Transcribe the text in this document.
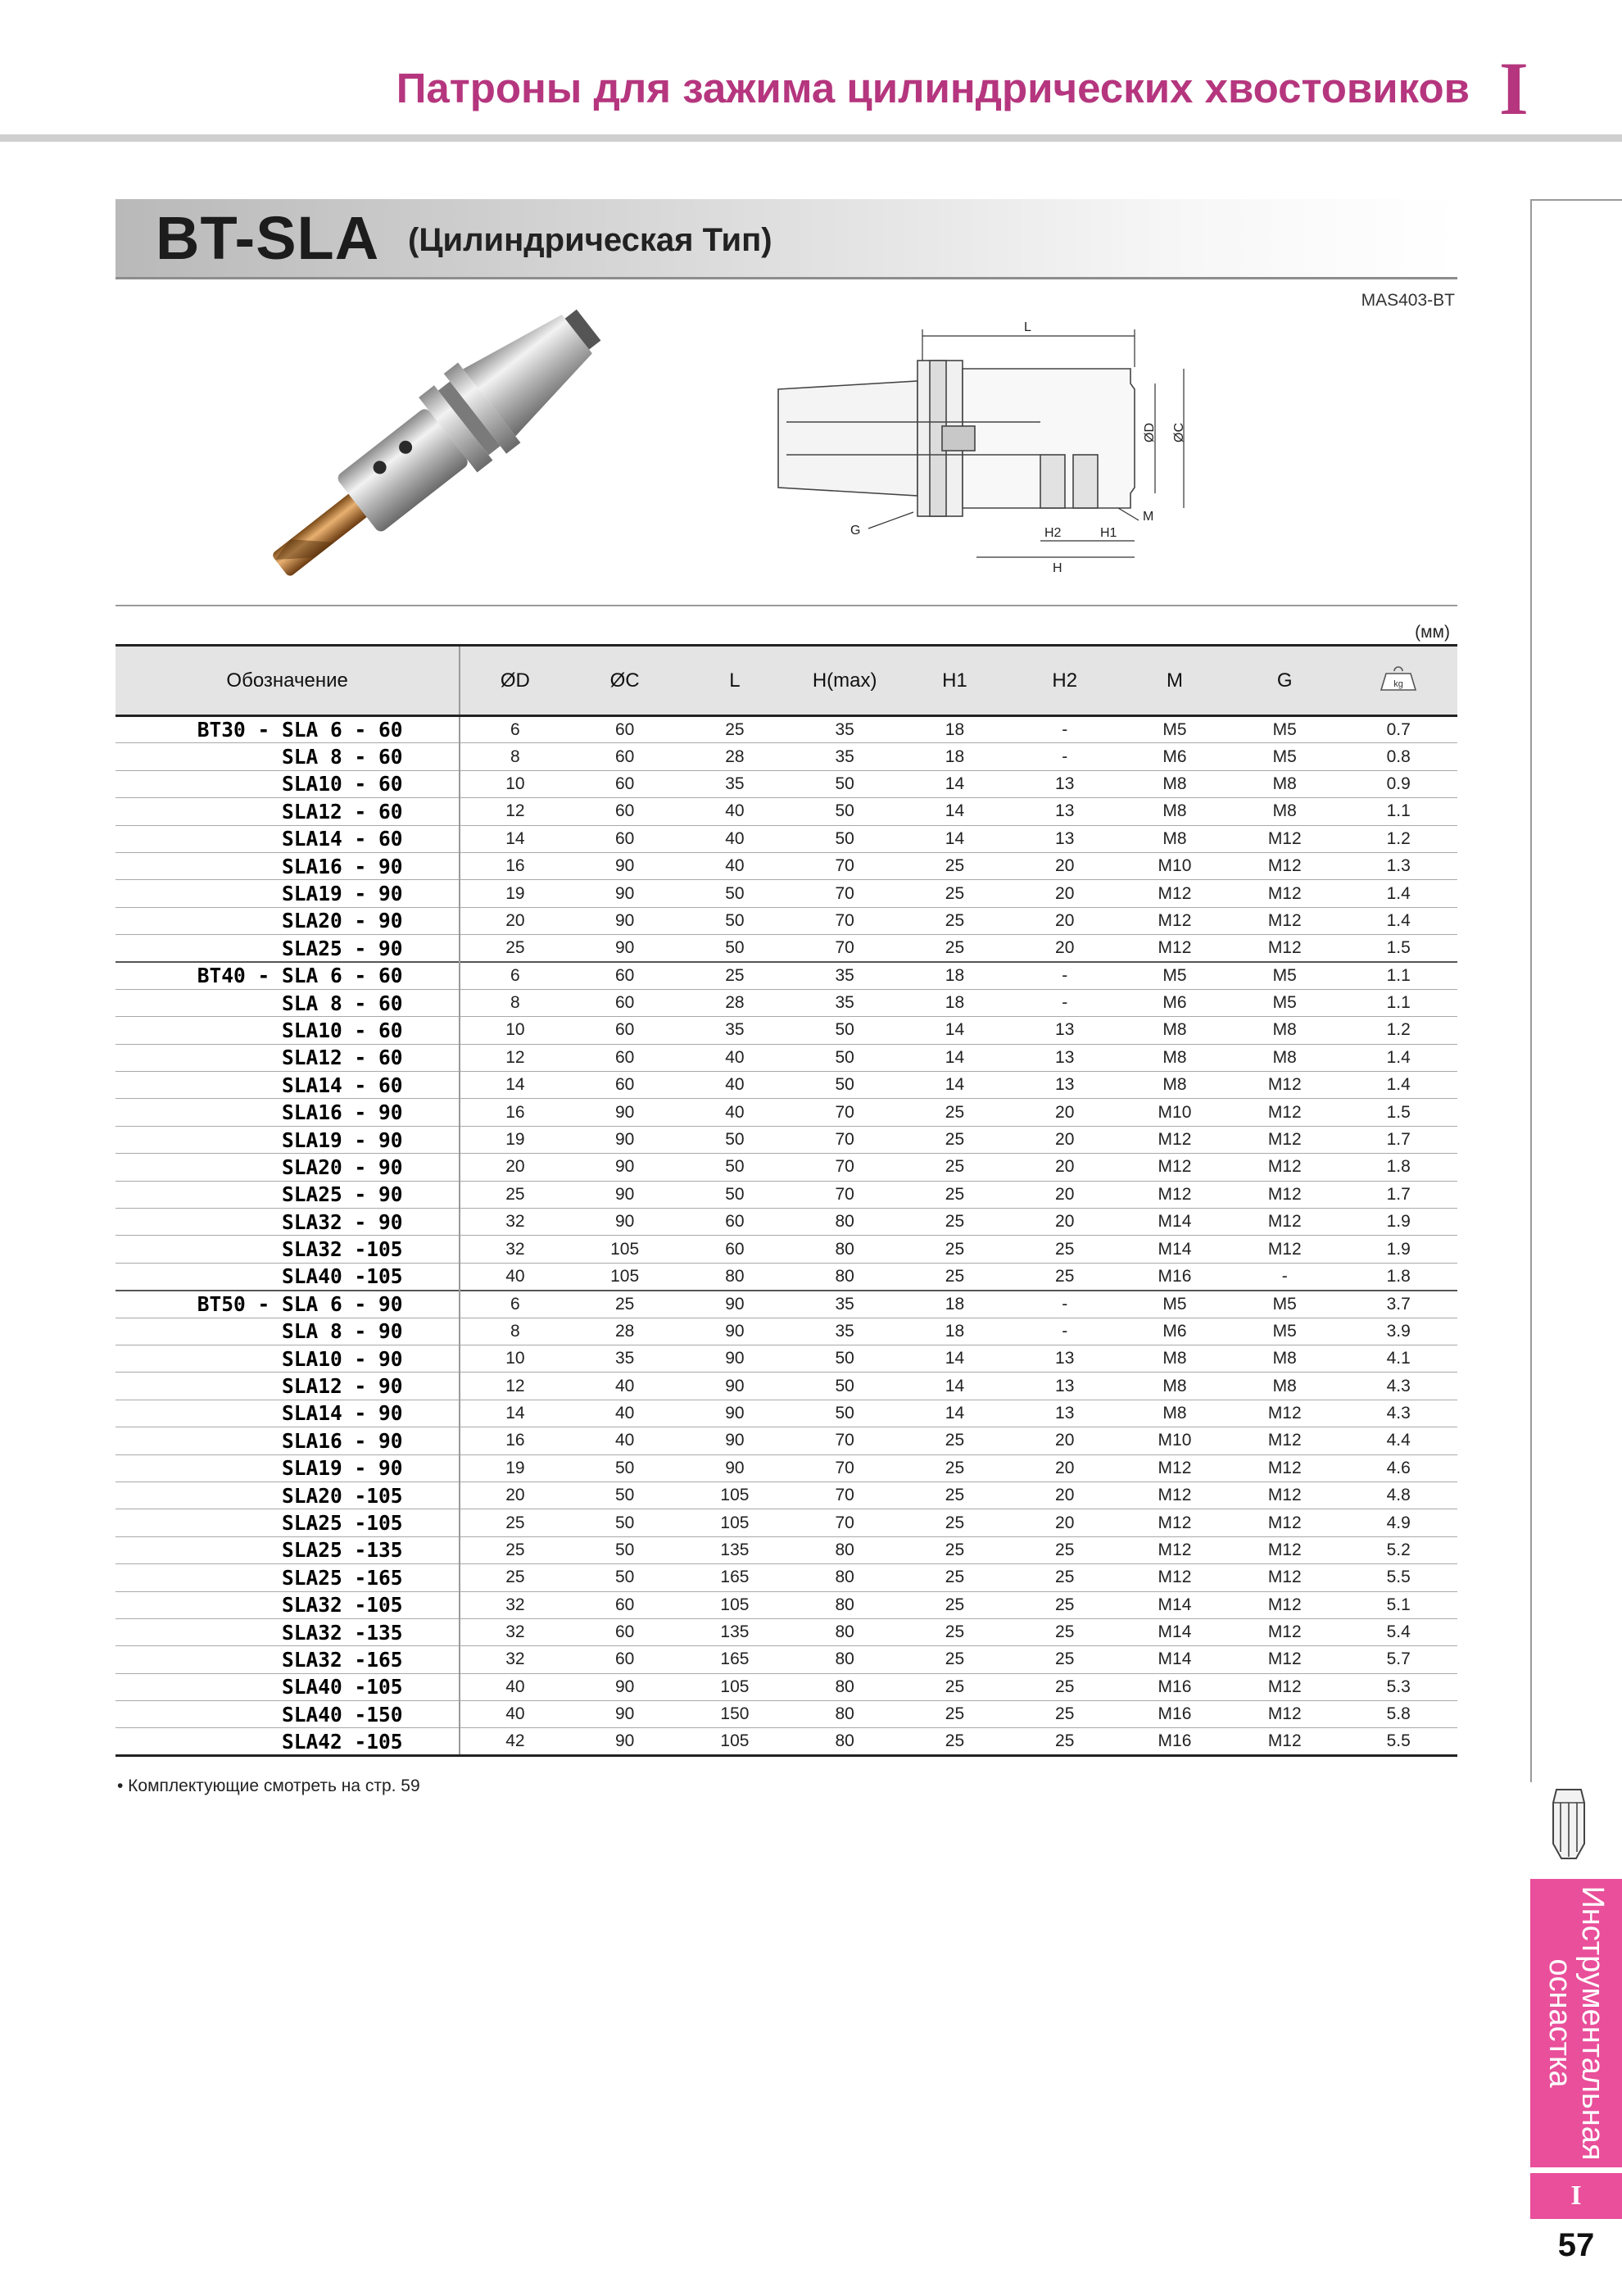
Патроны для зажима цилиндрических хвостовиков I
BT-SLA (Цилиндрическая Тип)
MAS403-BT
L
ØD ØC
M
G	H2	H1
H
(мм)
Обозначение	ØD	ØC	L	H(max)	H1	H2	M	G	kg

BT30 - SLA 6 - 60	6	60	25	35	18	-	M5	M5	0.7
SLA 8 - 60	8	60	28	35	18	-	M6	M5	0.8
SLA10 - 60	10	60	35	50	14	13	M8	M8	0.9
SLA12 - 60	12	60	40	50	14	13	M8	M8	1.1
SLA14 - 60	14	60	40	50	14	13	M8	M12	1.2
SLA16 - 90	16	90	40	70	25	20	M10	M12	1.3
SLA19 - 90	19	90	50	70	25	20	M12	M12	1.4
SLA20 - 90	20	90	50	70	25	20	M12	M12	1.4
SLA25 - 90	25	90	50	70	25	20	M12	M12	1.5
BT40 - SLA 6 - 60	6	60	25	35	18	-	M5	M5	1.1
SLA 8 - 60	8	60	28	35	18	-	M6	M5	1.1
SLA10 - 60	10	60	35	50	14	13	M8	M8	1.2
SLA12 - 60	12	60	40	50	14	13	M8	M8	1.4
SLA14 - 60	14	60	40	50	14	13	M8	M12	1.4
SLA16 - 90	16	90	40	70	25	20	M10	M12	1.5
SLA19 - 90	19	90	50	70	25	20	M12	M12	1.7
SLA20 - 90	20	90	50	70	25	20	M12	M12	1.8
SLA25 - 90	25	90	50	70	25	20	M12	M12	1.7
SLA32 - 90	32	90	60	80	25	20	M14	M12	1.9
SLA32 -105	32	105	60	80	25	25	M14	M12	1.9
SLA40 -105	40	105	80	80	25	25	M16	-	1.8
BT50 - SLA 6 - 90	6	25	90	35	18	-	M5	M5	3.7
SLA 8 - 90	8	28	90	35	18	-	M6	M5	3.9
SLA10 - 90	10	35	90	50	14	13	M8	M8	4.1
SLA12 - 90	12	40	90	50	14	13	M8	M8	4.3
SLA14 - 90	14	40	90	50	14	13	M8	M12	4.3
SLA16 - 90	16	40	90	70	25	20	M10	M12	4.4
SLA19 - 90	19	50	90	70	25	20	M12	M12	4.6
SLA20 -105	20	50	105	70	25	20	M12	M12	4.8
SLA25 -105	25	50	105	70	25	20	M12	M12	4.9
SLA25 -135	25	50	135	80	25	25	M12	M12	5.2
SLA25 -165	25	50	165	80	25	25	M12	M12	5.5
SLA32 -105	32	60	105	80	25	25	M14	M12	5.1
SLA32 -135	32	60	135	80	25	25	M14	M12	5.4
SLA32 -165	32	60	165	80	25	25	M14	M12	5.7
SLA40 -105	40	90	105	80	25	25	M16	M12	5.3
SLA40 -150	40	90	150	80	25	25	M16	M12	5.8
SLA42 -105	42	90	105	80	25	25	M16	M12	5.5
• Комплектующие смотреть на стр. 59
Инструментальная
оснастка
I
57
